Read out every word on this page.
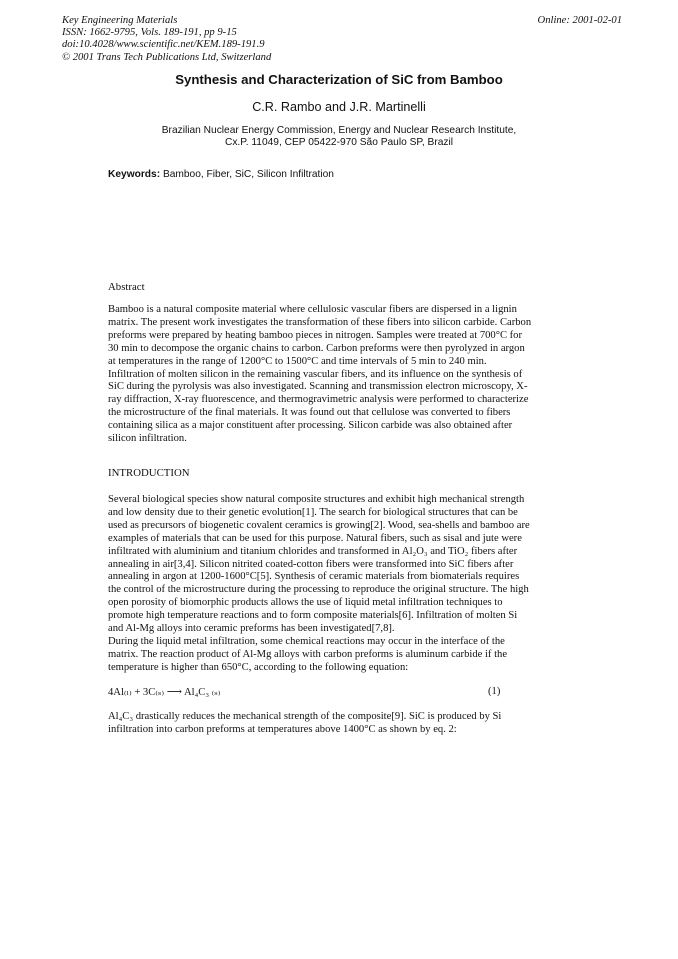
Key Engineering Materials
ISSN: 1662-9795, Vols. 189-191, pp 9-15
doi:10.4028/www.scientific.net/KEM.189-191.9
© 2001 Trans Tech Publications Ltd, Switzerland
Online: 2001-02-01
Synthesis and Characterization of SiC from Bamboo
C.R. Rambo and J.R. Martinelli
Brazilian Nuclear Energy Commission, Energy and Nuclear Research Institute,
Cx.P. 11049, CEP 05422-970 São Paulo SP, Brazil
Keywords: Bamboo, Fiber, SiC, Silicon Infiltration
Abstract
Bamboo is a natural composite material where cellulosic vascular fibers are dispersed in a lignin
matrix. The present work investigates the transformation of these fibers into silicon carbide. Carbon
preforms were prepared by heating bamboo pieces in nitrogen. Samples were treated at 700°C for
30 min to decompose the organic chains to carbon. Carbon preforms were then pyrolyzed in argon
at temperatures in the range of 1200°C to 1500°C and time intervals of 5 min to 240 min.
Infiltration of molten silicon in the remaining vascular fibers, and its influence on the synthesis of
SiC during the pyrolysis was also investigated. Scanning and transmission electron microscopy, X-
ray diffraction, X-ray fluorescence, and thermogravimetric analysis were performed to characterize
the microstructure of the final materials. It was found out that cellulose was converted to fibers
containing silica as a major constituent after processing. Silicon carbide was also obtained after
silicon infiltration.
INTRODUCTION
Several biological species show natural composite structures and exhibit high mechanical strength
and low density due to their genetic evolution[1]. The search for biological structures that can be
used as precursors of biogenetic covalent ceramics is growing[2]. Wood, sea-shells and bamboo are
examples of materials that can be used for this purpose. Natural fibers, such as sisal and jute were
infiltrated with aluminium and titanium chlorides and transformed in Al₂O₃ and TiO₂ fibers after
annealing in air[3,4]. Silicon nitrited coated-cotton fibers were transformed into SiC fibers after
annealing in argon at 1200-1600°C[5]. Synthesis of ceramic materials from biomaterials requires
the control of the microstructure during the processing to reproduce the original structure. The high
open porosity of biomorphic products allows the use of liquid metal infiltration techniques to
promote high temperature reactions and to form composite materials[6]. Infiltration of molten Si
and Al-Mg alloys into ceramic preforms has been investigated[7,8].
During the liquid metal infiltration, some chemical reactions may occur in the interface of the
matrix. The reaction product of Al-Mg alloys with carbon preforms is aluminum carbide if the
temperature is higher than 650°C, according to the following equation:
4Al₍ₗ₎ + 3C₍ₛ₎ ⟶ Al₄C₃ ₍ₛ₎	(1)
Al₄C₃ drastically reduces the mechanical strength of the composite[9]. SiC is produced by Si
infiltration into carbon preforms at temperatures above 1400°C as shown by eq. 2:
